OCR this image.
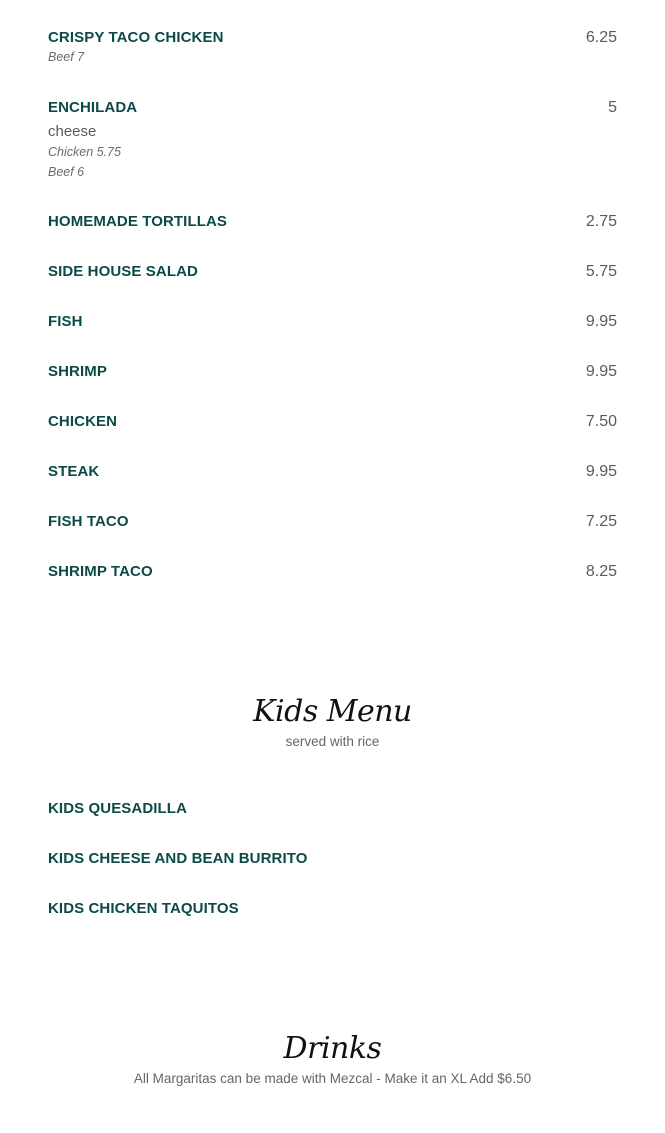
CRISPY TACO CHICKEN	6.25
Beef 7
ENCHILADA	5
cheese
Chicken 5.75
Beef 6
HOMEMADE TORTILLAS	2.75
SIDE HOUSE SALAD	5.75
FISH	9.95
SHRIMP	9.95
CHICKEN	7.50
STEAK	9.95
FISH TACO	7.25
SHRIMP TACO	8.25
Kids Menu
served with rice
KIDS QUESADILLA
KIDS CHEESE AND BEAN BURRITO
KIDS CHICKEN TAQUITOS
Drinks
All Margaritas can be made with Mezcal - Make it an XL Add $6.50
